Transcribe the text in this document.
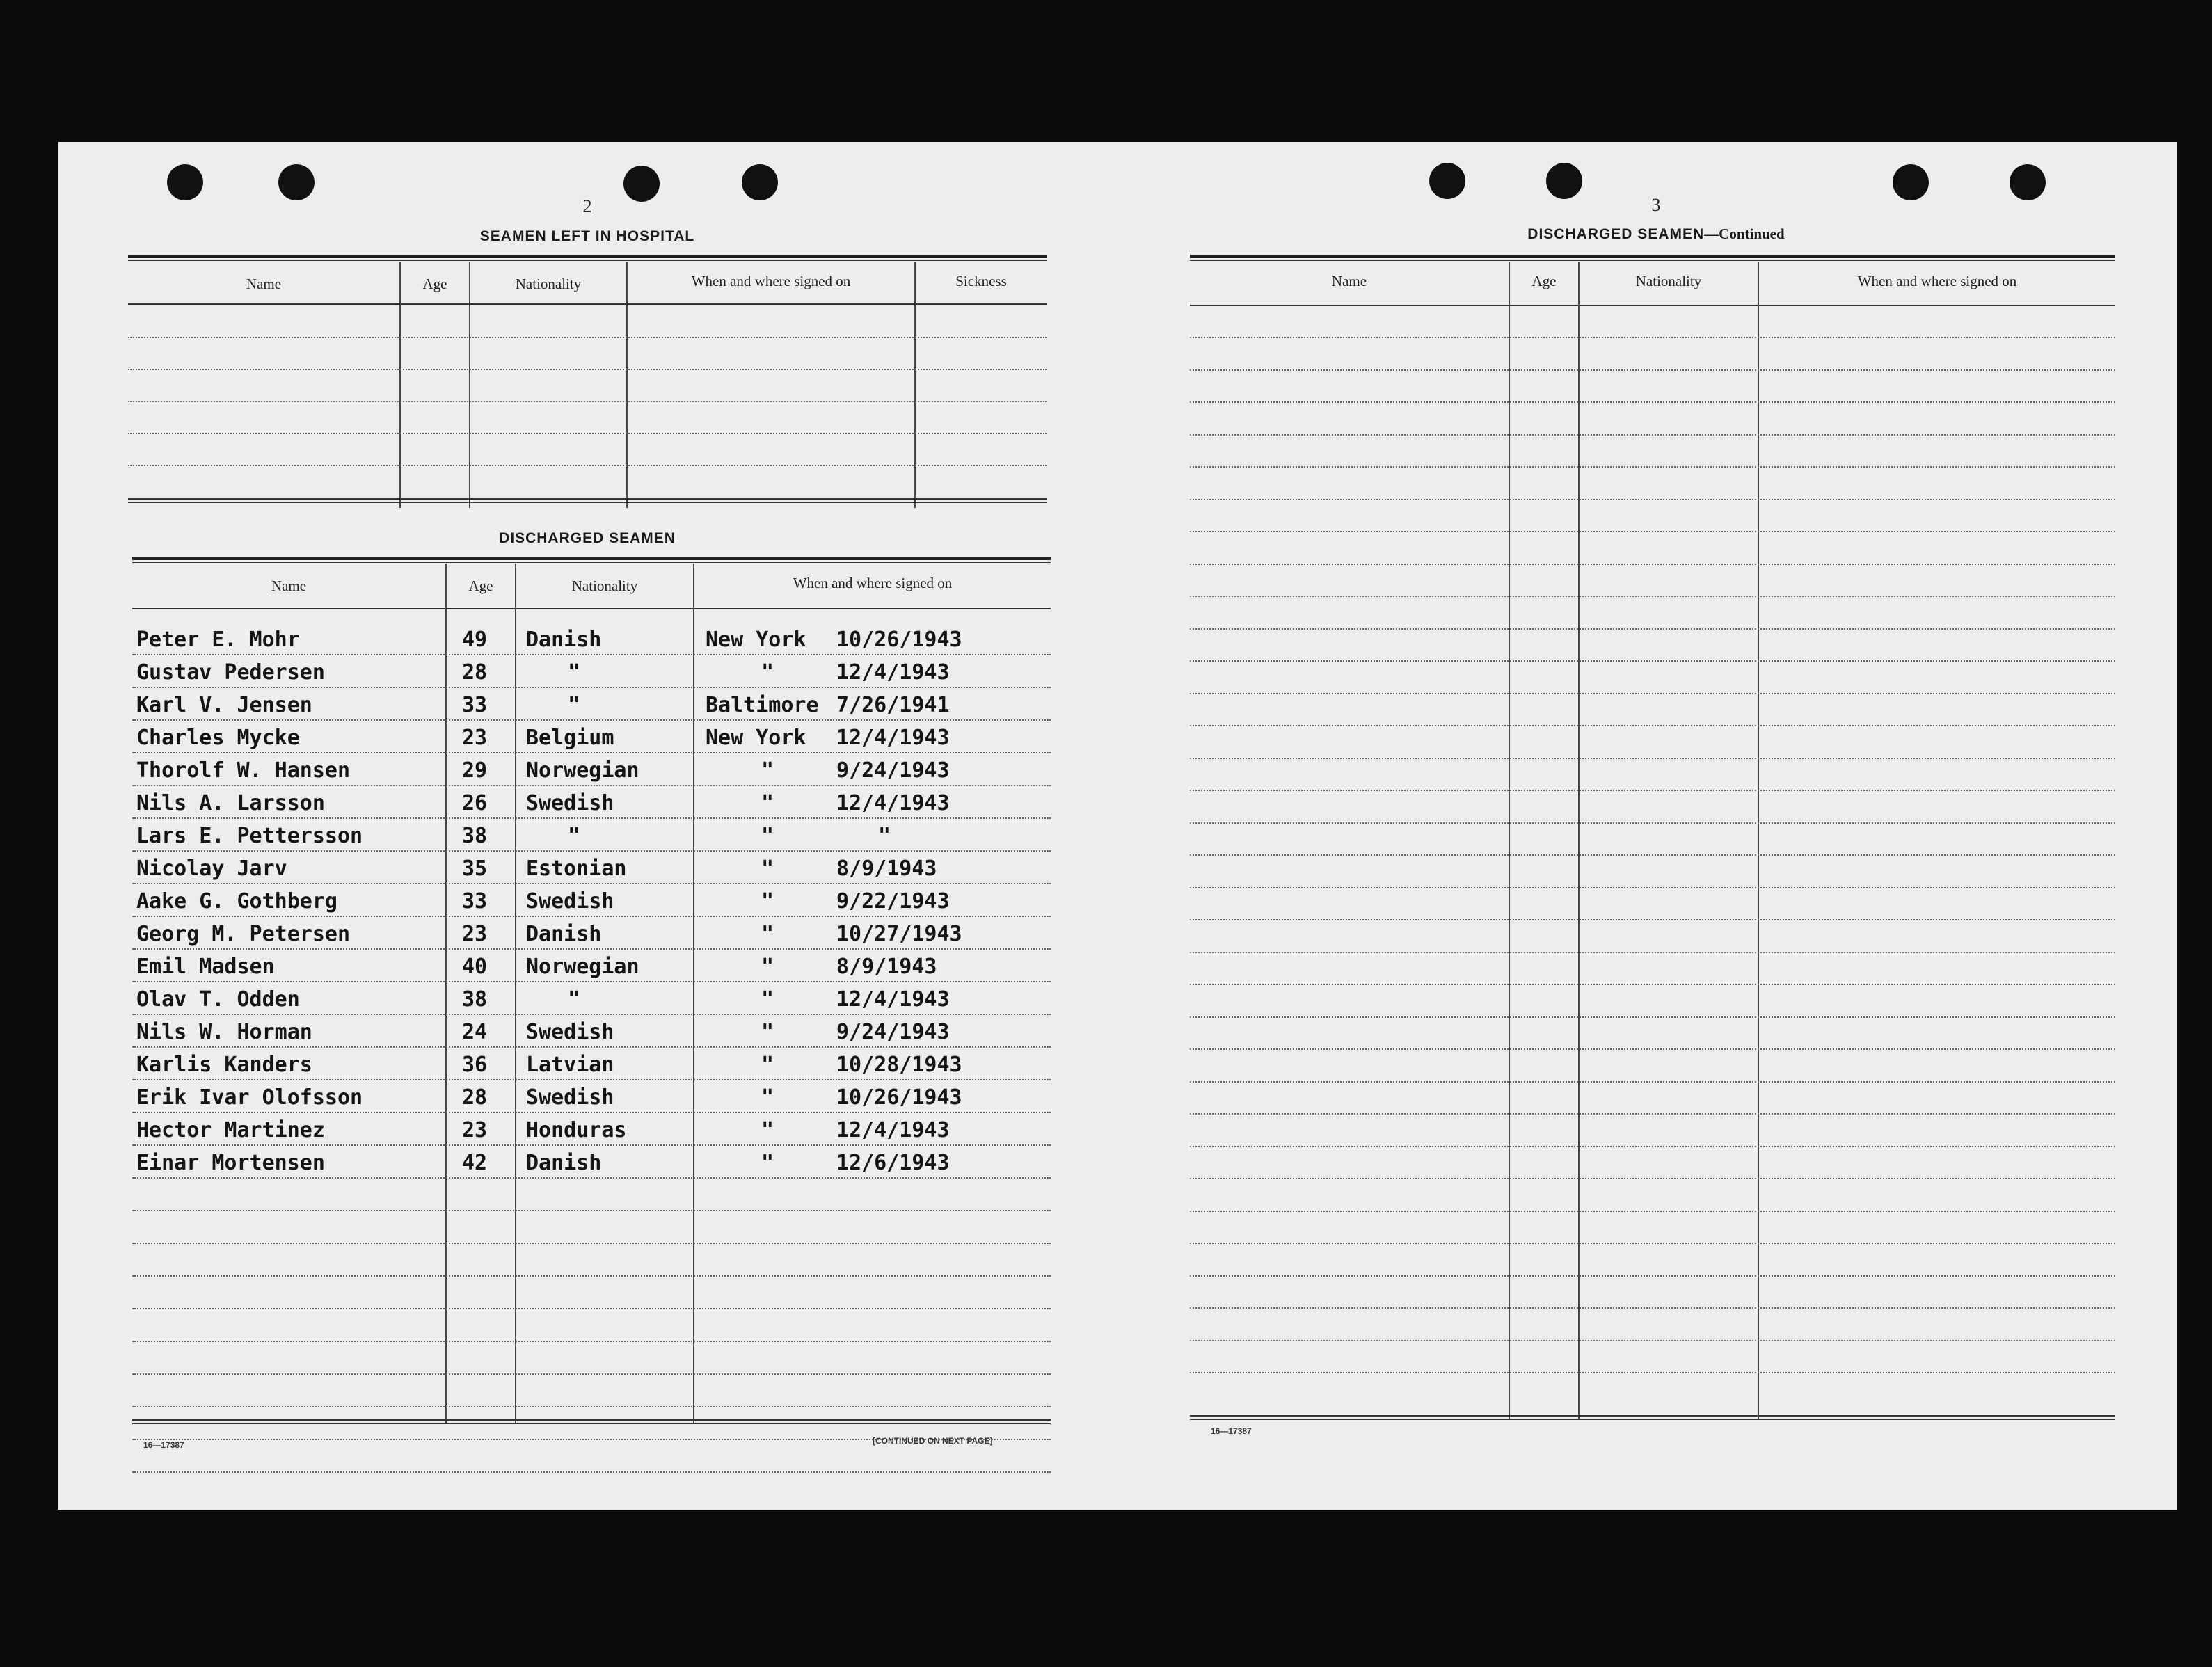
2
SEAMEN LEFT IN HOSPITAL
Name	Age	Nationality	When and where signed on	Sickness
DISCHARGED SEAMEN
Name	Age	Nationality	When and where signed on
Peter E. Mohr	49 Danish	New York 10/26/1943
Gustav Pedersen	28	"	"	12/4/1943
Karl V. Jensen	33	"	Baltimore 7/26/1941
Charles Mycke	23 Belgium	New York 12/4/1943
Thorolf W. Hansen	29 Norwegian	"	9/24/1943
Nils A. Larsson	26 Swedish	"	12/4/1943
Lars E. Pettersson	38	"	"	"
Nicolay Jarv	35 Estonian	"	8/9/1943
Aake G. Gothberg	33 Swedish	"	9/22/1943
Georg M. Petersen	23 Danish	"	10/27/1943
Emil Madsen	40 Norwegian	"	8/9/1943
Olav T. Odden	38	"	"	12/4/1943
Nils W. Horman	24 Swedish	"	9/24/1943
Karlis Kanders	36 Latvian	"	10/28/1943
Erik Ivar Olofsson	28 Swedish	"	10/26/1943
Hector Martinez	23 Honduras	"	12/4/1943
Einar Mortensen	42 Danish	"	12/6/1943
16—17387	[CONTINUED ON NEXT PAGE]
3
DISCHARGED SEAMEN—Continued
Name	Age	Nationality	When and where signed on
16—17387
